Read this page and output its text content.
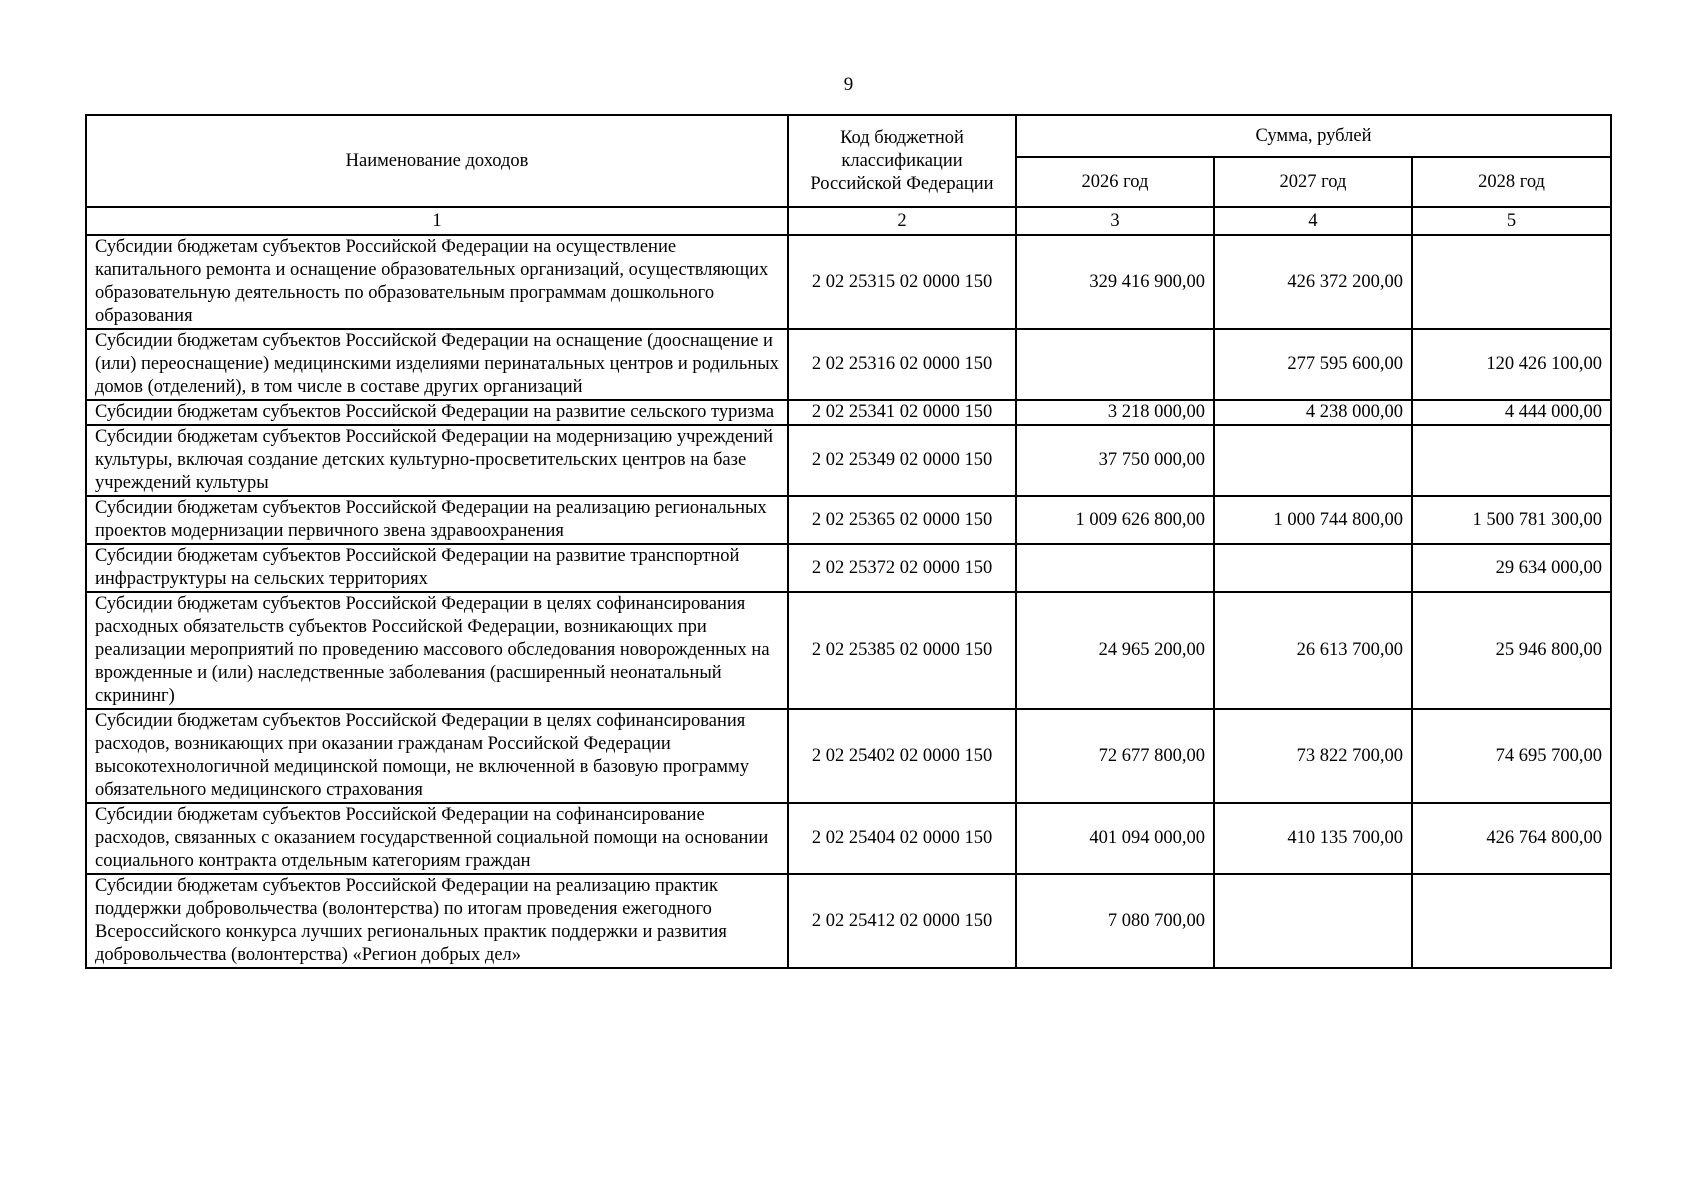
9
Наименование доходов	Код бюджетной классификации Российской Федерации	Сумма, рублей		
		2026 год	2027 год	2028 год
1	2	3	4	5
Субсидии бюджетам субъектов Российской Федерации на осуществление капитального ремонта и оснащение образовательных организаций, осуществляющих образовательную деятельность по образовательным программам дошкольного образования	2 02 25315 02 0000 150	329 416 900,00	426 372 200,00	
Субсидии бюджетам субъектов Российской Федерации на оснащение (дооснащение и (или) переоснащение) медицинскими изделиями перинатальных центров и родильных домов (отделений), в том числе в составе других организаций	2 02 25316 02 0000 150		277 595 600,00	120 426 100,00
Субсидии бюджетам субъектов Российской Федерации на развитие сельского туризма	2 02 25341 02 0000 150	3 218 000,00	4 238 000,00	4 444 000,00
Субсидии бюджетам субъектов Российской Федерации на модернизацию учреждений культуры, включая создание детских культурно-просветительских центров на базе учреждений культуры	2 02 25349 02 0000 150	37 750 000,00		
Субсидии бюджетам субъектов Российской Федерации на реализацию региональных проектов модернизации первичного звена здравоохранения	2 02 25365 02 0000 150	1 009 626 800,00	1 000 744 800,00	1 500 781 300,00
Субсидии бюджетам субъектов Российской Федерации на развитие транспортной инфраструктуры на сельских территориях	2 02 25372 02 0000 150			29 634 000,00
Субсидии бюджетам субъектов Российской Федерации в целях софинансирования расходных обязательств субъектов Российской Федерации, возникающих при реализации мероприятий по проведению массового обследования новорожденных на врожденные и (или) наследственные заболевания (расширенный неонатальный скрининг)	2 02 25385 02 0000 150	24 965 200,00	26 613 700,00	25 946 800,00
Субсидии бюджетам субъектов Российской Федерации в целях софинансирования расходов, возникающих при оказании гражданам Российской Федерации высокотехнологичной медицинской помощи, не включенной в базовую программу обязательного медицинского страхования	2 02 25402 02 0000 150	72 677 800,00	73 822 700,00	74 695 700,00
Субсидии бюджетам субъектов Российской Федерации на софинансирование расходов, связанных с оказанием государственной социальной помощи на основании социального контракта отдельным категориям граждан	2 02 25404 02 0000 150	401 094 000,00	410 135 700,00	426 764 800,00
Субсидии бюджетам субъектов Российской Федерации на реализацию практик поддержки добровольчества (волонтерства) по итогам проведения ежегодного Всероссийского конкурса лучших региональных практик поддержки и развития добровольчества (волонтерства) «Регион добрых дел»	2 02 25412 02 0000 150	7 080 700,00		
